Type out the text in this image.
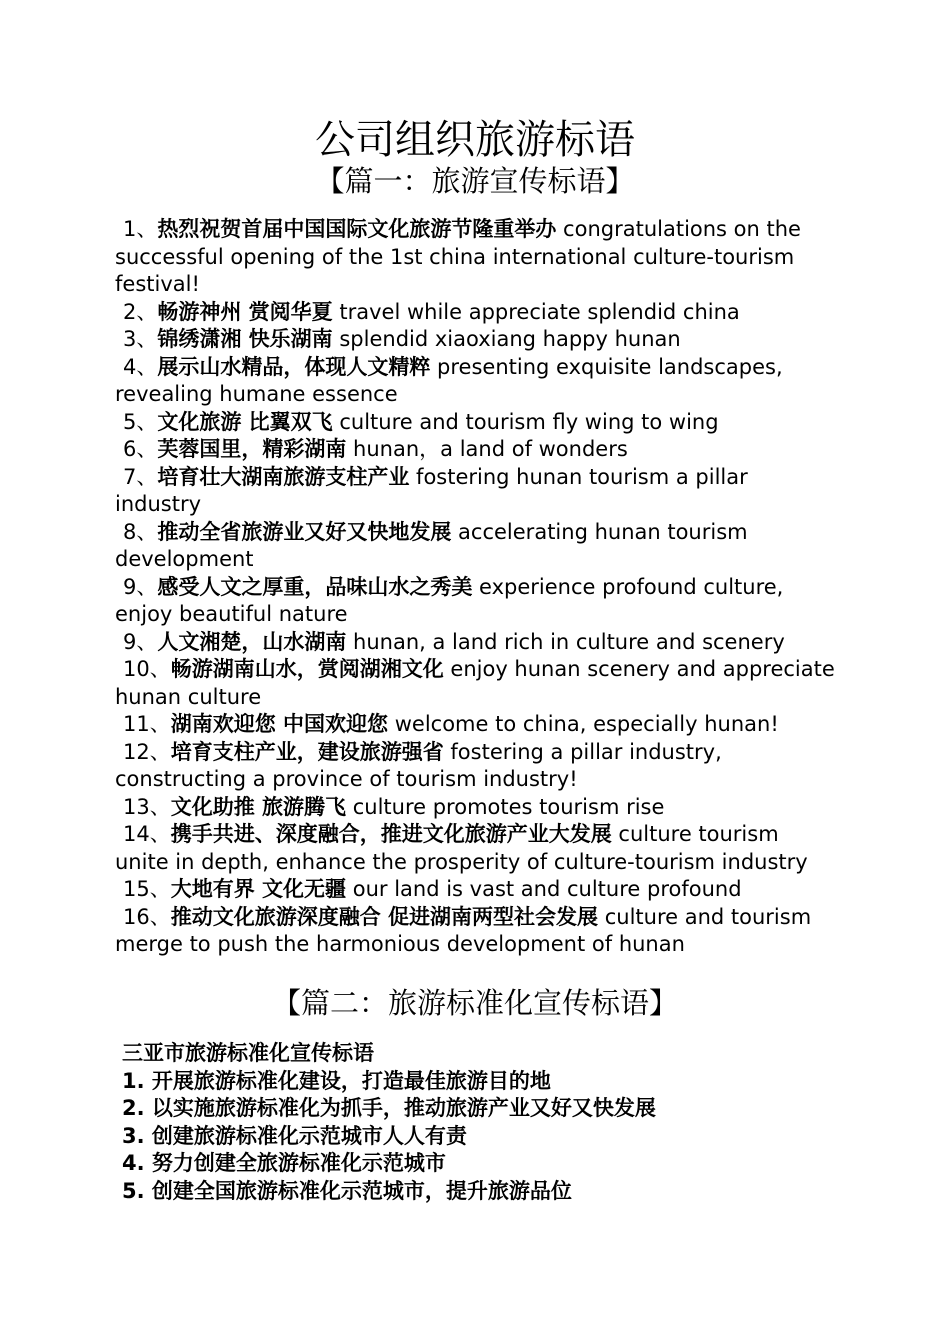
公司组织旅游标语
【篇一：旅游宣传标语】
1、热烈祝贺首届中国国际文化旅游节隆重举办 congratulations on the successful opening of the 1st china international culture-tourism festival!
2、畅游神州 赏阅华夏 travel while appreciate splendid china
3、锦绣潇湘 快乐湖南 splendid xiaoxiang happy hunan
4、展示山水精品，体现人文精粹 presenting exquisite landscapes, revealing humane essence
5、文化旅游 比翼双飞 culture and tourism fly wing to wing
6、芙蓉国里，精彩湖南 hunan，a land of wonders
7、培育壮大湖南旅游支柱产业 fostering hunan tourism a pillar industry
8、推动全省旅游业又好又快地发展 accelerating hunan tourism development
9、感受人文之厚重，品味山水之秀美 experience profound culture, enjoy beautiful nature
9、人文湘楚，山水湖南 hunan, a land rich in culture and scenery
10、畅游湖南山水，赏阅湖湘文化 enjoy hunan scenery and appreciate hunan culture
11、湖南欢迎您 中国欢迎您 welcome to china, especially hunan!
12、培育支柱产业，建设旅游强省 fostering a pillar industry, constructing a province of tourism industry!
13、文化助推 旅游腾飞 culture promotes tourism rise
14、携手共进、深度融合，推进文化旅游产业大发展 culture tourism unite in depth, enhance the prosperity of culture-tourism industry
15、大地有界 文化无疆 our land is vast and culture profound
16、推动文化旅游深度融合 促进湖南两型社会发展 culture and tourism merge to push the harmonious development of hunan
【篇二：旅游标准化宣传标语】

三亚市旅游标准化宣传标语

1. 开展旅游标准化建设，打造最佳旅游目的地
2. 以实施旅游标准化为抓手，推动旅游产业又好又快发展
3. 创建旅游标准化示范城市人人有责
4. 努力创建全旅游标准化示范城市
5. 创建全国旅游标准化示范城市，提升旅游品位
